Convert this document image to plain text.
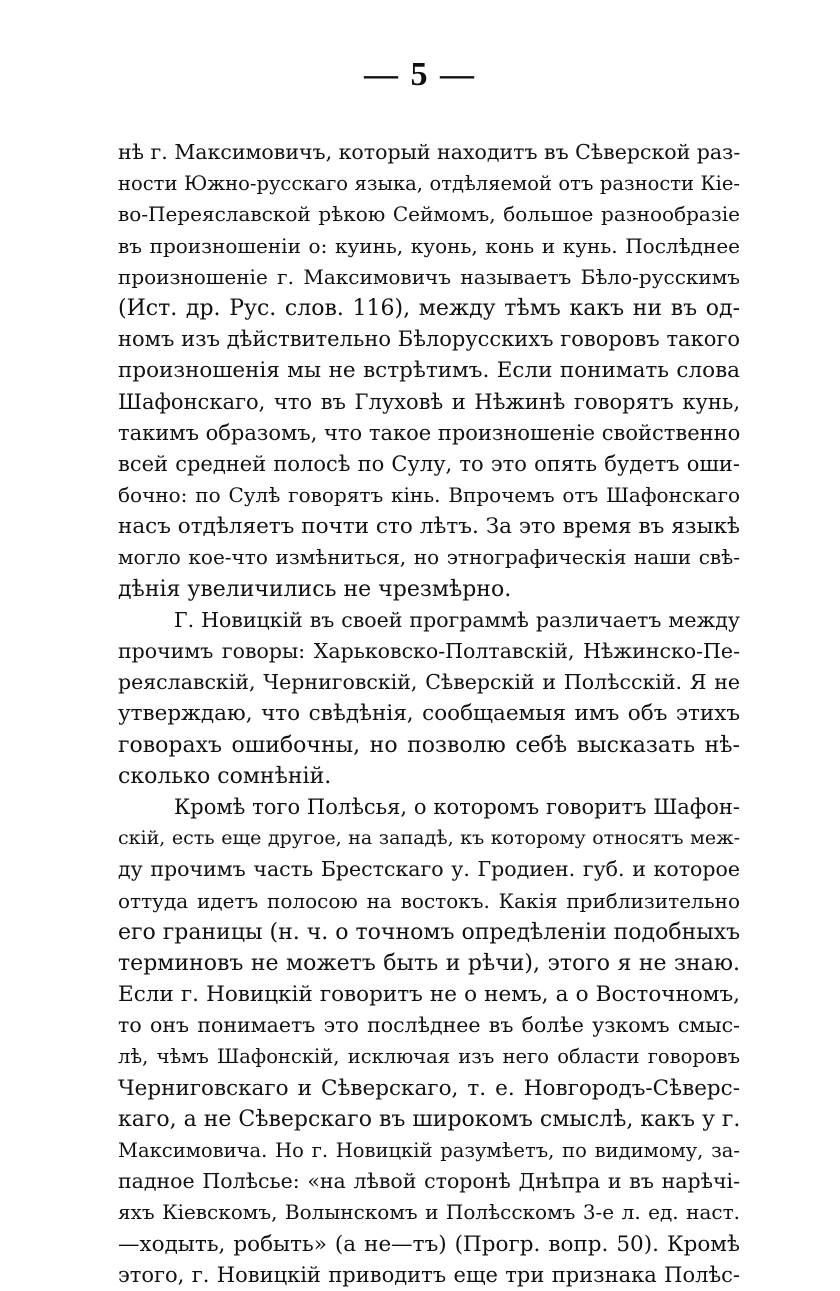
— 5 —
нѣ г. Максимовичъ, который находитъ въ Сѣверской раз-
ности Южно-русскаго языка, отдѣляемой отъ разности Кіе-
во-Переяславской рѣкою Сеймомъ, большое разнообразіе
въ произношеніи о: куинь, куонь, конь и кунь. Послѣднее
произношеніе г. Максимовичъ называетъ Бѣло-русскимъ
(Ист. др. Рус. слов. 116), между тѣмъ какъ ни въ од-
номъ изъ дѣйствительно Бѣлорусскихъ говоровъ такого
произношенія мы не встрѣтимъ. Если понимать слова
Шафонскаго, что въ Глуховѣ и Нѣжинѣ говорятъ кунь,
такимъ образомъ, что такое произношеніе свойственно
всей средней полосѣ по Сулу, то это опять будетъ оши-
бочно: по Сулѣ говорятъ кінь. Впрочемъ отъ Шафонскаго
насъ отдѣляетъ почти сто лѣтъ. За это время въ языкѣ
могло кое-что измѣниться, но этнографическія наши свѣ-
дѣнія увеличились не чрезмѣрно.
Г. Новицкій въ своей программѣ различаетъ между
прочимъ говоры: Харьковско-Полтавскій, Нѣжинско-Пе-
реяславскій, Черниговскій, Сѣверскій и Полѣсскій. Я не
утверждаю, что свѣдѣнія, сообщаемыя имъ объ этихъ
говорахъ ошибочны, но позволю себѣ высказать нѣ-
сколько сомнѣній.
Кромѣ того Полѣсья, о которомъ говоритъ Шафон-
скій, есть еще другое, на западѣ, къ которому относятъ меж-
ду прочимъ часть Брестскаго у. Гродиен. губ. и которое
оттуда идетъ полосою на востокъ. Какія приблизительно
его границы (н. ч. о точномъ опредѣленіи подобныхъ
терминовъ не можетъ быть и рѣчи), этого я не знаю.
Если г. Новицкій говоритъ не о немъ, а о Восточномъ,
то онъ понимаетъ это послѣднее въ болѣе узкомъ смыс-
лѣ, чѣмъ Шафонскій, исключая изъ него области говоровъ
Черниговскаго и Сѣверскаго, т. е. Новгородъ-Сѣверс-
каго, а не Сѣверскаго въ широкомъ смыслѣ, какъ у г.
Максимовича. Но г. Новицкій разумѣетъ, по видимому, за-
падное Полѣсье: «на лѣвой сторонѣ Днѣпра и въ нарѣчі-
яхъ Кіевскомъ, Волынскомъ и Полѣсскомъ 3-е л. ед. наст.
—ходыть, робыть» (а не—тъ) (Прогр. вопр. 50). Кромѣ
этого, г. Новицкій приводитъ еще три признака Полѣс-
